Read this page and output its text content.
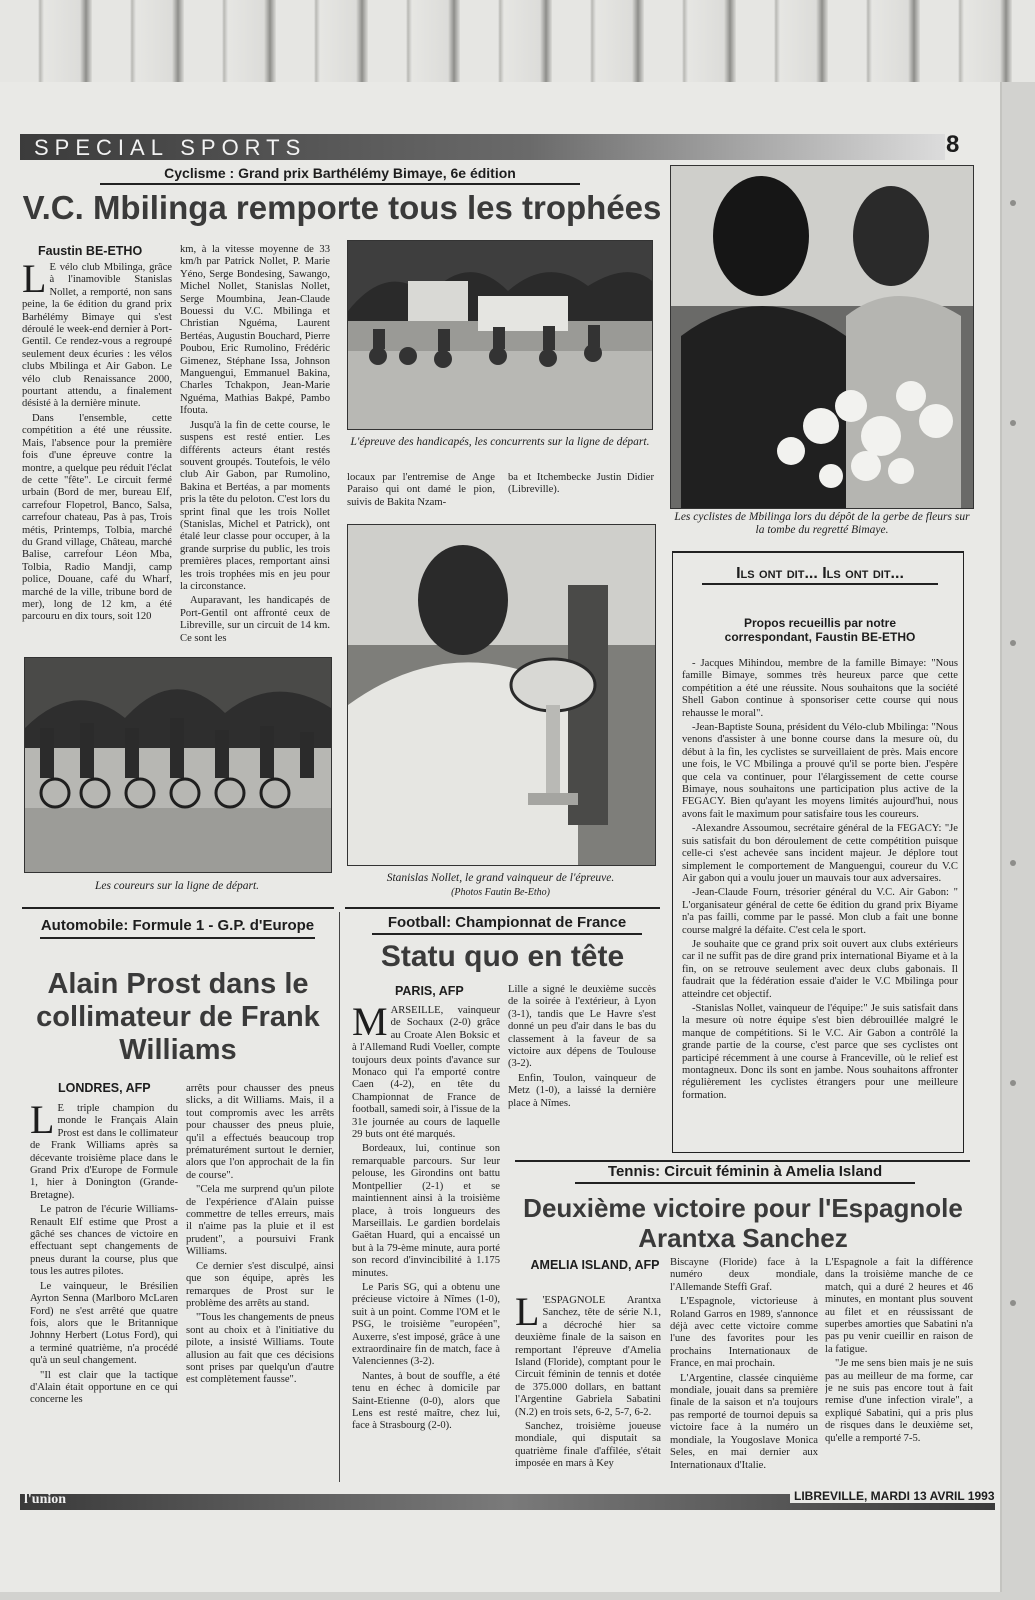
SPECIAL SPORTS	8
Cyclisme : Grand prix Barthélémy Bimaye, 6e édition
V.C. Mbilinga remporte tous les trophées
Faustin BE-ETHO

L E vélo club Mbilinga, grâce à l'inamovible Stanislas Nollet, a remporté, non sans peine, la 6e édition du grand prix Barhélémy Bimaye qui s'est déroulé le week-end dernier à Port-Gentil. Ce rendez-vous a regroupé seulement deux écuries : les vélos clubs Mbilinga et Air Gabon. Le vélo club Renaissance 2000, pourtant attendu, a finalement désisté à la dernière minute.

Dans l'ensemble, cette compétition a été une réussite. Mais, l'absence pour la première fois d'une épreuve contre la montre, a quelque peu réduit l'éclat de cette "fête". Le circuit fermé urbain (Bord de mer, bureau Elf, carrefour Flopetrol, Banco, Salsa, carrefour chateau, Pas à pas, Trois métis, Printemps, Tolbia, marché du Grand village, Château, marché Balise, carrefour Léon Mba, Tolbia, Radio Mandji, camp police, Douane, café du Wharf, marché de la ville, tribune bord de mer), long de 12 km, a été parcouru en dix tours, soit 120

km, à la vitesse moyenne de 33 km/h par Patrick Nollet, P. Marie Yéno, Serge Bondesing, Sawango, Michel Nollet, Stanislas Nollet, Serge Moumbina, Jean-Claude Bouessi du V.C. Mbilinga et Christian Nguéma, Laurent Bertéas, Augustin Bouchard, Pierre Poubou, Eric Rumolino, Frédéric Gimenez, Stéphane Issa, Johnson Manguengui, Emmanuel Bakina, Charles Tchakpon, Jean-Marie Nguéma, Mathias Bakpé, Pambo Ifouta.

Jusqu'à la fin de cette course, le suspens est resté entier. Les différents acteurs étant restés souvent groupés. Toutefois, le vélo club Air Gabon, par Rumolino, Bakina et Bertéas, a par moments pris la tête du peloton. C'est lors du sprint final que les trois Nollet (Stanislas, Michel et Patrick), ont étalé leur classe pour occuper, à la grande surprise du public, les trois premières places, remportant ainsi les trois trophées mis en jeu pour la circonstance.

Auparavant, les handicapés de Port-Gentil ont affronté ceux de Libreville, sur un circuit de 14 km. Ce sont les

L'épreuve des handicapés, les concurrents sur la ligne de départ.

locaux par l'entremise de Ange Paraiso qui ont damé le pion, suivis de Bakita Nzam-

ba et Itchembecke Justin Didier (Libreville).

Les cyclistes de Mbilinga lors du dépôt de la gerbe de fleurs sur la tombe du regretté Bimaye.
Les coureurs sur la ligne de départ.
Stanislas Nollet, le grand vainqueur de l'épreuve.
(Photos Fautin Be-Etho)
Ils ont dit... Ils ont dit...
Propos recueillis par notre correspondant, Faustin BE-ETHO

- Jacques Mihindou, membre de la famille Bimaye: "Nous famille Bimaye, sommes très heureux parce que cette compétition a été une réussite. Nous souhaitons que la société Shell Gabon continue à sponsoriser cette course qui nous rehausse le moral".

-Jean-Baptiste Souna, président du Vélo-club Mbilinga: "Nous venons d'assister à une bonne course dans la mesure où, du début à la fin, les cyclistes se surveillaient de près. Mais encore une fois, le VC Mbilinga a prouvé qu'il se porte bien. J'espère que cela va continuer, pour l'élargissement de cette course Bimaye, nous souhaitons une participation plus active de la FEGACY. Bien qu'ayant les moyens limités aujourd'hui, nous avons fait le maximum pour satisfaire tous les coureurs.

-Alexandre Assoumou, secrétaire général de la FEGACY: "Je suis satisfait du bon déroulement de cette compétition puisque celle-ci s'est achevée sans incident majeur. Je déplore tout simplement le comportement de Manguengui, coureur du V.C Air gabon qui a voulu jouer un mauvais tour aux adversaires.

-Jean-Claude Fourn, trésorier général du V.C. Air Gabon: " L'organisateur général de cette 6e édition du grand prix Biyame n'a pas failli, comme par le passé. Mon club a fait une bonne course malgré la défaite. C'est cela le sport.

Je souhaite que ce grand prix soit ouvert aux clubs extérieurs car il ne suffit pas de dire grand prix international Biyame et à la fin, on se retrouve seulement avec deux clubs gabonais. Il faudrait que la fédération essaie d'aider le V.C Mbilinga pour atteindre cet objectif.

-Stanislas Nollet, vainqueur de l'équipe:" Je suis satisfait dans la mesure où notre équipe s'est bien débrouillée malgré le manque de compétitions. Si le V.C. Air Gabon a contrôlé la grande partie de la course, c'est parce que ses cyclistes ont participé récemment à une course à Franceville, où le relief est montagneux. Donc ils sont en jambe. Nous souhaitons affronter régulièrement les cyclistes étrangers pour une meilleure formation.

Automobile: Formule 1 - G.P. d'Europe
Alain Prost dans le collimateur de Frank Williams
LONDRES, AFP

L E triple champion du monde le Français Alain Prost est dans le collimateur de Frank Williams après sa décevante troisième place dans le Grand Prix d'Europe de Formule 1, hier à Donington (Grande-Bretagne).

Le patron de l'écurie Williams-Renault Elf estime que Prost a gâché ses chances de victoire en effectuant sept changements de pneus durant la course, plus que tous les autres pilotes.

Le vainqueur, le Brésilien Ayrton Senna (Marlboro McLaren Ford) ne s'est arrêté que quatre fois, alors que le Britannique Johnny Herbert (Lotus Ford), qui a terminé quatrième, n'a procédé qu'à un seul changement.

"Il est clair que la tactique d'Alain était opportune en ce qui concerne les

arrêts pour chausser des pneus slicks, a dit Williams. Mais, il a tout compromis avec les arrêts pour chausser des pneus pluie, qu'il a effectués beaucoup trop prématurément surtout le dernier, alors que l'on approchait de la fin de course".

"Cela me surprend qu'un pilote de l'expérience d'Alain puisse commettre de telles erreurs, mais il n'aime pas la pluie et il est prudent", a poursuivi Frank Williams.

Ce dernier s'est disculpé, ainsi que son équipe, après les remarques de Prost sur le problème des arrêts au stand.

"Tous les changements de pneus sont au choix et à l'initiative du pilote, a insisté Williams. Toute allusion au fait que ces décisions sont prises par quelqu'un d'autre est complètement fausse".

Football: Championnat de France
Statu quo en tête
PARIS, AFP

MARSEILLE, vainqueur de Sochaux (2-0) grâce au Croate Alen Boksic et à l'Allemand Rudi Voeller, compte toujours deux points d'avance sur Monaco qui l'a emporté contre Caen (4-2), en tête du Championnat de France de football, samedi soir, à l'issue de la 31e journée au cours de laquelle 29 buts ont été marqués.

Bordeaux, lui, continue son remarquable parcours. Sur leur pelouse, les Girondins ont battu Montpellier (2-1) et se maintiennent ainsi à la troisième place, à trois longueurs des Marseillais. Le gardien bordelais Gaëtan Huard, qui a encaissé un but à la 79-ème minute, aura porté son record d'invincibilité à 1.175 minutes.

Le Paris SG, qui a obtenu une précieuse victoire à Nîmes (1-0), suit à un point. Comme l'OM et le PSG, le troisième "européen", Auxerre, s'est imposé, grâce à une extraordinaire fin de match, face à Valenciennes (3-2).

Nantes, à bout de souffle, a été tenu en échec à domicile par Saint-Etienne (0-0), alors que Lens est resté maître, chez lui, face à Strasbourg (2-0).

Lille a signé le deuxième succès de la soirée à l'extérieur, à Lyon (3-1), tandis que Le Havre s'est donné un peu d'air dans le bas du classement à la faveur de sa victoire aux dépens de Toulouse (3-2).

Enfin, Toulon, vainqueur de Metz (1-0), a laissé la dernière place à Nîmes.

Tennis: Circuit féminin à Amelia Island
Deuxième victoire pour l'Espagnole Arantxa Sanchez
AMELIA ISLAND, AFP

L 'ESPAGNOLE Arantxa Sanchez, tête de série N.1, a décroché hier sa deuxième finale de la saison en remportant l'épreuve d'Amelia Island (Floride), comptant pour le Circuit féminin de tennis et dotée de 375.000 dollars, en battant l'Argentine Gabriela Sabatini (N.2) en trois sets, 6-2, 5-7, 6-2.

Sanchez, troisième joueuse mondiale, qui disputait sa quatrième finale d'affilée, s'était imposée en mars à Key

Biscayne (Floride) face à la numéro deux mondiale, l'Allemande Steffi Graf.

L'Espagnole, victorieuse à Roland Garros en 1989, s'annonce déjà avec cette victoire comme l'une des favorites pour les prochains Internationaux de France, en mai prochain.

L'Argentine, classée cinquième mondiale, jouait dans sa première finale de la saison et n'a toujours pas remporté de tournoi depuis sa victoire face à la numéro un mondiale, la Yougoslave Monica Seles, en mai dernier aux Internationaux d'Italie.

L'Espagnole a fait la différence dans la troisième manche de ce match, qui a duré 2 heures et 46 minutes, en montant plus souvent au filet et en réussissant de superbes amorties que Sabatini n'a pas pu venir cueillir en raison de la fatigue.

"Je me sens bien mais je ne suis pas au meilleur de ma forme, car je ne suis pas encore tout à fait remise d'une infection virale", a expliqué Sabatini, qui a pris plus de risques dans le deuxième set, qu'elle a remporté 7-5.

l'union	LIBREVILLE, MARDI 13 AVRIL 1993
